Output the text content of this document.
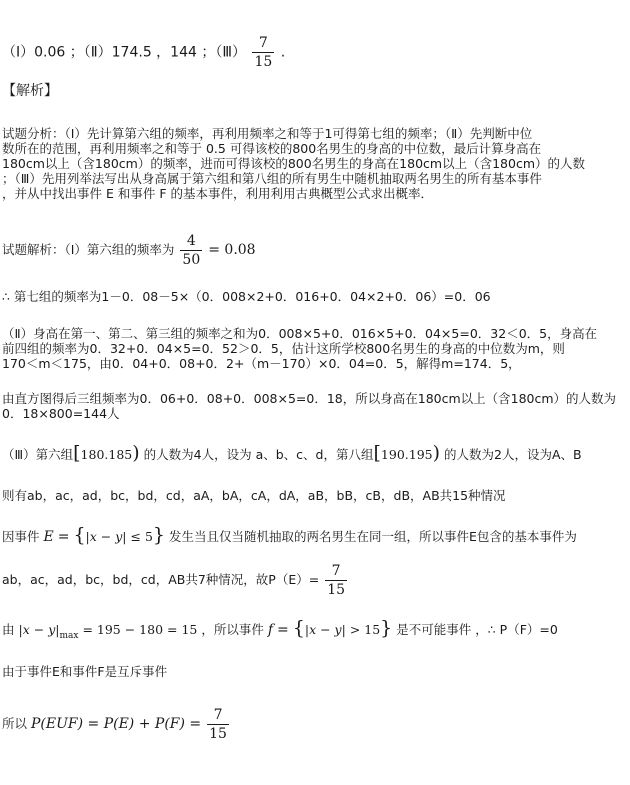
（Ⅰ）0.06 ；（Ⅱ）174.5 ，144 ；（Ⅲ） $\frac{7}{15}$ .
【解析】
试题分析：（Ⅰ）先计算第六组的频率，再利用频率之和等于1可得第七组的频率；（Ⅱ）先判断中位
数所在的范围，再利用频率之和等于 0.5 可得该校的800名男生的身高的中位数，最后计算身高在
180cm以上（含180cm）的频率，进而可得该校的800名男生的身高在180cm以上（含180cm）的人数
；（Ⅲ）先用列举法写出从身高属于第六组和第八组的所有男生中随机抽取两名男生的所有基本事件
，并从中找出事件 E 和事件 F 的基本事件，利用利用古典概型公式求出概率．
试题解析：（Ⅰ）第六组的频率为 $\frac{4}{50} = 0.08$
∴ 第七组的频率为1－0．08－5×（0．008×2+0．016+0．04×2+0．06）=0．06
（Ⅱ）身高在第一、第二、第三组的频率之和为0．008×5+0．016×5+0．04×5=0．32＜0．5，身高在
前四组的频率为0．32+0．04×5=0．52＞0．5，估计这所学校800名男生的身高的中位数为m，则
170＜m＜175，由0．04+0．08+0．2+（m－170）×0．04=0．5，解得m=174．5，
由直方图得后三组频率为0．06+0．08+0．008×5=0．18，所以身高在180cm以上（含180cm）的人数为
0．18×800=144人
（Ⅲ）第六组[180.185) 的人数为4人，设为 a、b、c、d，第八组[190.195) 的人数为2人，设为A、B
则有ab，ac，ad，bc，bd，cd，aA，bA，cA，dA，aB，bB，cB，dB，AB共15种情况
因事件 E = {|x − y| ≤ 5} 发生当且仅当随机抽取的两名男生在同一组，所以事件E包含的基本事件为
ab，ac，ad，bc，bd，cd，AB共7种情况，故$P(E)= \frac{7}{15}$
由 $|x - y|_{max} = 195 - 180 = 15$ ，所以事件 f = {|x − y| > 15} 是不可能事件 ，∴ P（F）=0
由于事件E和事件F是互斥事件
所以 $P(EUF) = P(E) + P(F) = \frac{7}{15}$
